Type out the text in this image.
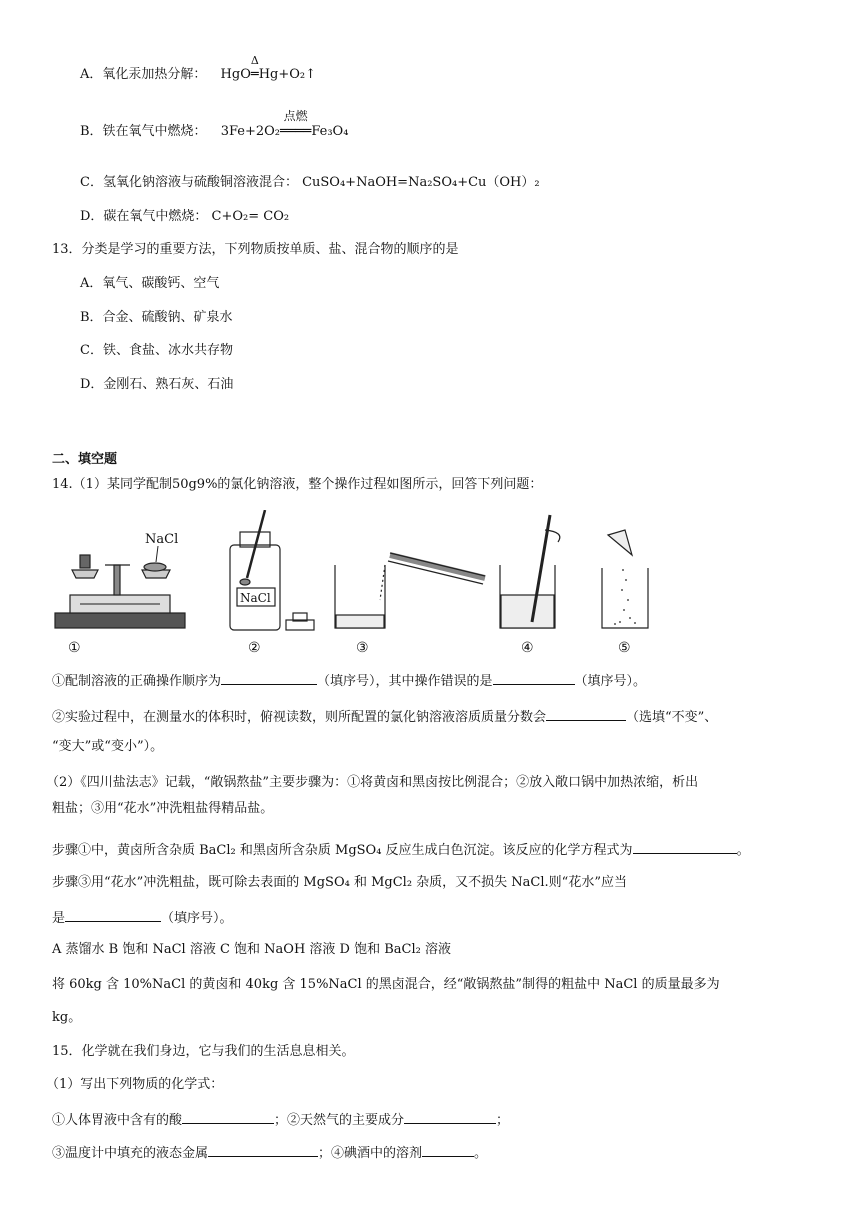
A．氧化汞加热分解： HgO
Δ
═Hg+O₂↑
B．铁在氧气中燃烧： 3Fe+2O₂
点燃
════Fe₃O₄
C．氢氧化钠溶液与硫酸铜溶液混合： CuSO₄+NaOH=Na₂SO₄+Cu（OH）₂
D．碳在氧气中燃烧： C+O₂= CO₂
13．分类是学习的重要方法，下列物质按单质、盐、混合物的顺序的是
A．氧气、碳酸钙、空气
B．合金、硫酸钠、矿泉水
C．铁、食盐、冰水共存物
D．金刚石、熟石灰、石油
二、填空题
14.（1）某同学配制50g9%的氯化钠溶液，整个操作过程如图所示，回答下列问题：
NaCl
NaCl
①	②	③	④	⑤
①配制溶液的正确操作顺序为	（填序号），其中操作错误的是	（填序号）。
②实验过程中，在测量水的体积时，俯视读数，则所配置的氯化钠溶液溶质质量分数会	（选填“不变”、
“变大”或“变小”）。
（2）《四川盐法志》记载，“敞锅熬盐”主要步骤为：①将黄卤和黑卤按比例混合；②放入敞口锅中加热浓缩，析出
粗盐；③用“花水”冲洗粗盐得精品盐。
步骤①中，黄卤所含杂质 BaCl₂ 和黑卤所含杂质 MgSO₄ 反应生成白色沉淀。该反应的化学方程式为	。
步骤③用“花水”冲洗粗盐，既可除去表面的 MgSO₄ 和 MgCl₂ 杂质，又不损失 NaCl.则“花水”应当
是	（填序号）。
A 蒸馏水 B 饱和 NaCl 溶液 C 饱和 NaOH 溶液 D 饱和 BaCl₂ 溶液
将 60kg 含 10%NaCl 的黄卤和 40kg 含 15%NaCl 的黑卤混合，经“敞锅熬盐”制得的粗盐中 NaCl 的质量最多为
kg。
15．化学就在我们身边，它与我们的生活息息相关。
（1）写出下列物质的化学式：
①人体胃液中含有的酸	；②天然气的主要成分	；
③温度计中填充的液态金属	；④碘酒中的溶剂	。
